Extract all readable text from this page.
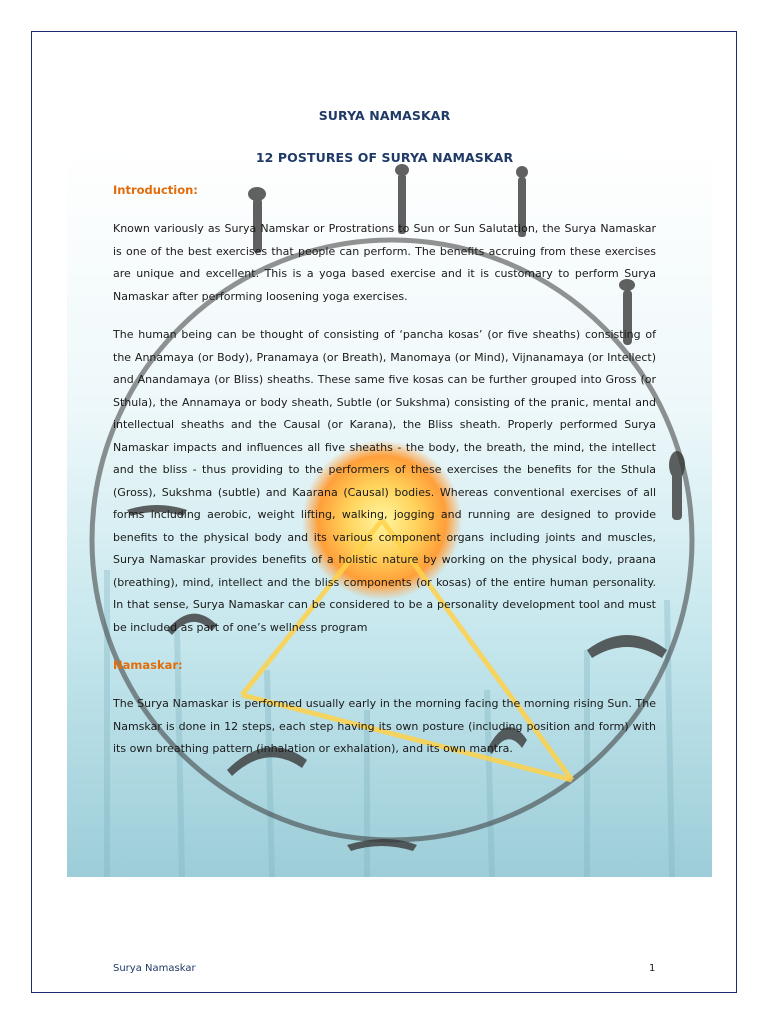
SURYA NAMASKAR
12 POSTURES OF SURYA NAMASKAR
Introduction:
Known variously as Surya Namskar or Prostrations to Sun or Sun Salutation, the Surya Namaskar is one of the best exercises that people can perform. The benefits accruing from these exercises are unique and excellent. This is a yoga based exercise and it is customary to perform Surya Namaskar after performing loosening yoga exercises.
The human being can be thought of consisting of ‘pancha kosas’ (or five sheaths) consisting of the Annamaya (or Body), Pranamaya (or Breath), Manomaya (or Mind), Vijnanamaya (or Intellect) and Anandamaya (or Bliss) sheaths. These same five kosas can be further grouped into Gross (or Sthula), the Annamaya or body sheath, Subtle (or Sukshma) consisting of the pranic, mental and intellectual sheaths and the Causal (or Karana), the Bliss sheath. Properly performed Surya Namaskar impacts and influences all five sheaths - the body, the breath, the mind, the intellect and the bliss - thus providing to the performers of these exercises the benefits for the Sthula (Gross), Sukshma (subtle) and Kaarana (Causal) bodies. Whereas conventional exercises of all forms including aerobic, weight lifting, walking, jogging and running are designed to provide benefits to the physical body and its various component organs including joints and muscles, Surya Namaskar provides benefits of a holistic nature by working on the physical body, praana (breathing), mind, intellect and the bliss components (or kosas) of the entire human personality. In that sense, Surya Namaskar can be considered to be a personality development tool and must be included as part of one’s wellness program
Namaskar:
The Surya Namaskar is performed usually early in the morning facing the morning rising Sun. The Namskar is done in 12 steps, each step having its own posture (including position and form) with its own breathing pattern (inhalation or exhalation), and its own mantra.
Surya Namaskar	1
